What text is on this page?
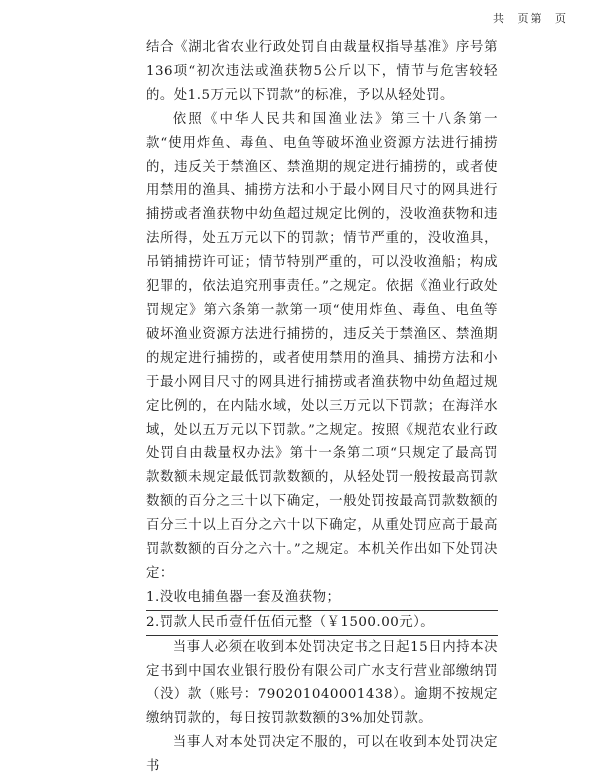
共 页第 页

结合《湖北省农业行政处罚自由裁量权指导基准》序号第136项“初次违法或渔获物5公斤以下，情节与危害较轻的。处1.5万元以下罚款”的标准，予以从轻处罚。

依照《中华人民共和国渔业法》第三十八条第一款“使用炸鱼、毒鱼、电鱼等破坏渔业资源方法进行捕捞的，违反关于禁渔区、禁渔期的规定进行捕捞的，或者使用禁用的渔具、捕捞方法和小于最小网目尺寸的网具进行捕捞或者渔获物中幼鱼超过规定比例的，没收渔获物和违法所得，处五万元以下的罚款；情节严重的，没收渔具，吊销捕捞许可证；情节特别严重的，可以没收渔船；构成犯罪的，依法追究刑事责任。”之规定。依据《渔业行政处罚规定》第六条第一款第一项“使用炸鱼、毒鱼、电鱼等破坏渔业资源方法进行捕捞的，违反关于禁渔区、禁渔期的规定进行捕捞的，或者使用禁用的渔具、捕捞方法和小于最小网目尺寸的网具进行捕捞或者渔获物中幼鱼超过规定比例的，在内陆水域，处以三万元以下罚款；在海洋水域，处以五万元以下罚款。”之规定。按照《规范农业行政处罚自由裁量权办法》第十一条第二项“只规定了最高罚款数额未规定最低罚款数额的，从轻处罚一般按最高罚款数额的百分之三十以下确定，一般处罚按最高罚款数额的百分三十以上百分之六十以下确定，从重处罚应高于最高罚款数额的百分之六十。”之规定。本机关作出如下处罚决定：

1.没收电捕鱼器一套及渔获物；

2.罚款人民币壹仟伍佰元整（￥1500.00元）。

当事人必须在收到本处罚决定书之日起15日内持本决定书到中国农业银行股份有限公司广水支行营业部缴纳罚（没）款（账号：790201040001438）。逾期不按规定缴纳罚款的，每日按罚款数额的3%加处罚款。

当事人对本处罚决定不服的，可以在收到本处罚决定书
